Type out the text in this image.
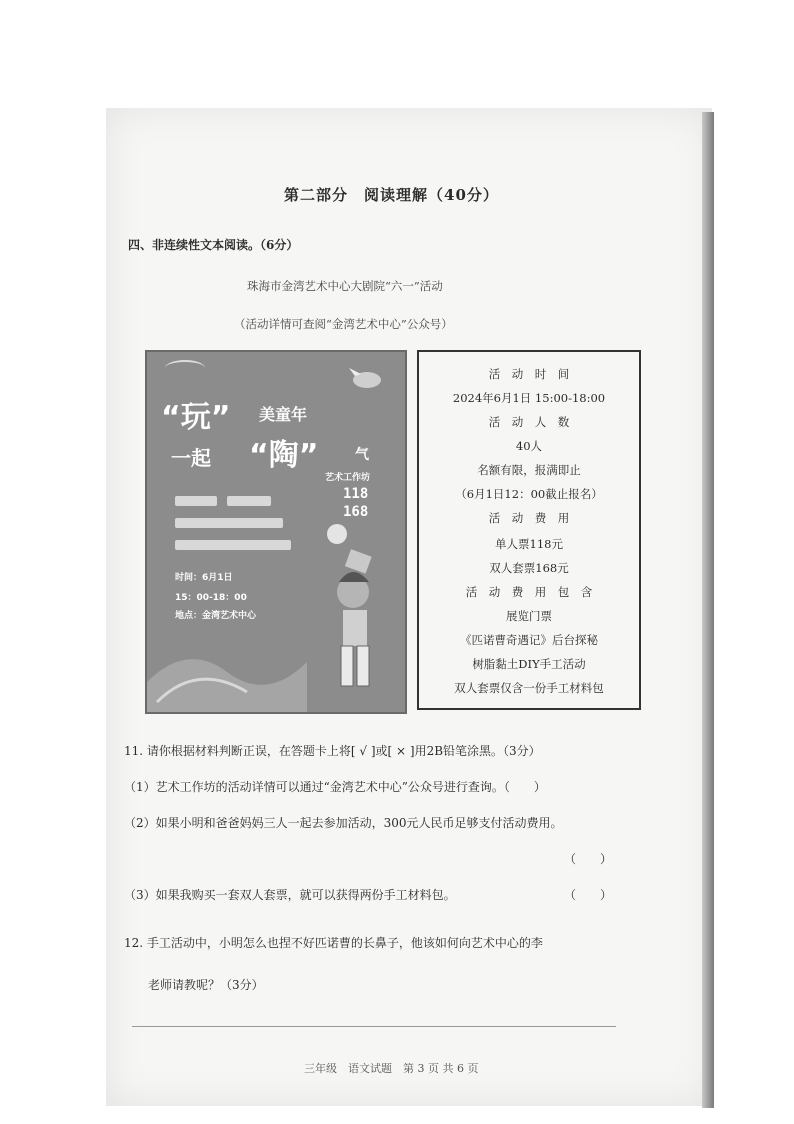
第二部分　阅读理解（40分）
四、非连续性文本阅读。（6分）
珠海市金湾艺术中心大剧院“六一”活动
（活动详情可查阅“金湾艺术中心”公众号）
“玩” 美童年
一起 “陶”	气
艺术工作坊
118
168
时间：6月1日
15：00-18：00
地点：金湾艺术中心
活　动　时　间
2024年6月1日 15:00-18:00
活　动　人　数
40人
名额有限，报满即止
（6月1日12：00截止报名）
活　动　费　用
单人票118元
双人套票168元
活　动　费　用　包　含
展览门票
《匹诺曹奇遇记》后台探秘
树脂黏土DIY手工活动
双人套票仅含一份手工材料包
11. 请你根据材料判断正误，在答题卡上将[ √ ]或[ × ]用2B铅笔涂黑。（3分）
（1）艺术工作坊的活动详情可以通过“金湾艺术中心”公众号进行查询。（　　）
（2）如果小明和爸爸妈妈三人一起去参加活动，300元人民币足够支付活动费用。
（　　）
（3）如果我购买一套双人套票，就可以获得两份手工材料包。	（　　）
12. 手工活动中，小明怎么也捏不好匹诺曹的长鼻子，他该如何向艺术中心的李
老师请教呢？（3分）
三年级　语文试题　第 3 页 共 6 页
